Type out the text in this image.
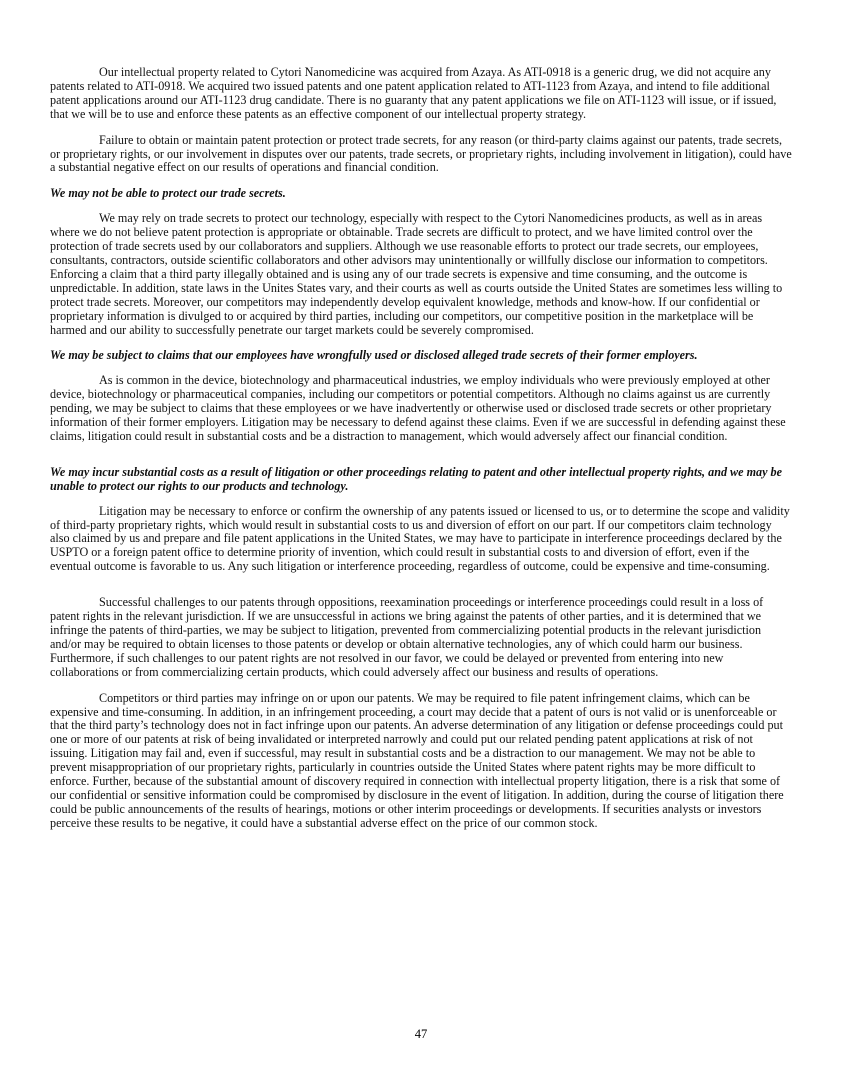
Our intellectual property related to Cytori Nanomedicine was acquired from Azaya. As ATI-0918 is a generic drug, we did not acquire any patents related to ATI-0918. We acquired two issued patents and one patent application related to ATI-1123 from Azaya, and intend to file additional patent applications around our ATI-1123 drug candidate. There is no guaranty that any patent applications we file on ATI-1123 will issue, or if issued, that we will be to use and enforce these patents as an effective component of our intellectual property strategy.

Failure to obtain or maintain patent protection or protect trade secrets, for any reason (or third-party claims against our patents, trade secrets, or proprietary rights, or our involvement in disputes over our patents, trade secrets, or proprietary rights, including involvement in litigation), could have a substantial negative effect on our results of operations and financial condition.

We may not be able to protect our trade secrets.

We may rely on trade secrets to protect our technology, especially with respect to the Cytori Nanomedicines products, as well as in areas where we do not believe patent protection is appropriate or obtainable. Trade secrets are difficult to protect, and we have limited control over the protection of trade secrets used by our collaborators and suppliers. Although we use reasonable efforts to protect our trade secrets, our employees, consultants, contractors, outside scientific collaborators and other advisors may unintentionally or willfully disclose our information to competitors. Enforcing a claim that a third party illegally obtained and is using any of our trade secrets is expensive and time consuming, and the outcome is unpredictable. In addition, state laws in the Unites States vary, and their courts as well as courts outside the United States are sometimes less willing to protect trade secrets. Moreover, our competitors may independently develop equivalent knowledge, methods and know-how. If our confidential or proprietary information is divulged to or acquired by third parties, including our competitors, our competitive position in the marketplace will be harmed and our ability to successfully penetrate our target markets could be severely compromised.

We may be subject to claims that our employees have wrongfully used or disclosed alleged trade secrets of their former employers.

As is common in the device, biotechnology and pharmaceutical industries, we employ individuals who were previously employed at other device, biotechnology or pharmaceutical companies, including our competitors or potential competitors. Although no claims against us are currently pending, we may be subject to claims that these employees or we have inadvertently or otherwise used or disclosed trade secrets or other proprietary information of their former employers. Litigation may be necessary to defend against these claims. Even if we are successful in defending against these claims, litigation could result in substantial costs and be a distraction to management, which would adversely affect our financial condition.

We may incur substantial costs as a result of litigation or other proceedings relating to patent and other intellectual property rights, and we may be unable to protect our rights to our products and technology.

Litigation may be necessary to enforce or confirm the ownership of any patents issued or licensed to us, or to determine the scope and validity of third-party proprietary rights, which would result in substantial costs to us and diversion of effort on our part. If our competitors claim technology also claimed by us and prepare and file patent applications in the United States, we may have to participate in interference proceedings declared by the USPTO or a foreign patent office to determine priority of invention, which could result in substantial costs to and diversion of effort, even if the eventual outcome is favorable to us. Any such litigation or interference proceeding, regardless of outcome, could be expensive and time-consuming.

Successful challenges to our patents through oppositions, reexamination proceedings or interference proceedings could result in a loss of patent rights in the relevant jurisdiction. If we are unsuccessful in actions we bring against the patents of other parties, and it is determined that we infringe the patents of third-parties, we may be subject to litigation, prevented from commercializing potential products in the relevant jurisdiction and/or may be required to obtain licenses to those patents or develop or obtain alternative technologies, any of which could harm our business. Furthermore, if such challenges to our patent rights are not resolved in our favor, we could be delayed or prevented from entering into new collaborations or from commercializing certain products, which could adversely affect our business and results of operations.

Competitors or third parties may infringe on or upon our patents. We may be required to file patent infringement claims, which can be expensive and time-consuming. In addition, in an infringement proceeding, a court may decide that a patent of ours is not valid or is unenforceable or that the third party’s technology does not in fact infringe upon our patents. An adverse determination of any litigation or defense proceedings could put one or more of our patents at risk of being invalidated or interpreted narrowly and could put our related pending patent applications at risk of not issuing. Litigation may fail and, even if successful, may result in substantial costs and be a distraction to our management. We may not be able to prevent misappropriation of our proprietary rights, particularly in countries outside the United States where patent rights may be more difficult to enforce. Further, because of the substantial amount of discovery required in connection with intellectual property litigation, there is a risk that some of our confidential or sensitive information could be compromised by disclosure in the event of litigation. In addition, during the course of litigation there could be public announcements of the results of hearings, motions or other interim proceedings or developments. If securities analysts or investors perceive these results to be negative, it could have a substantial adverse effect on the price of our common stock.

47
